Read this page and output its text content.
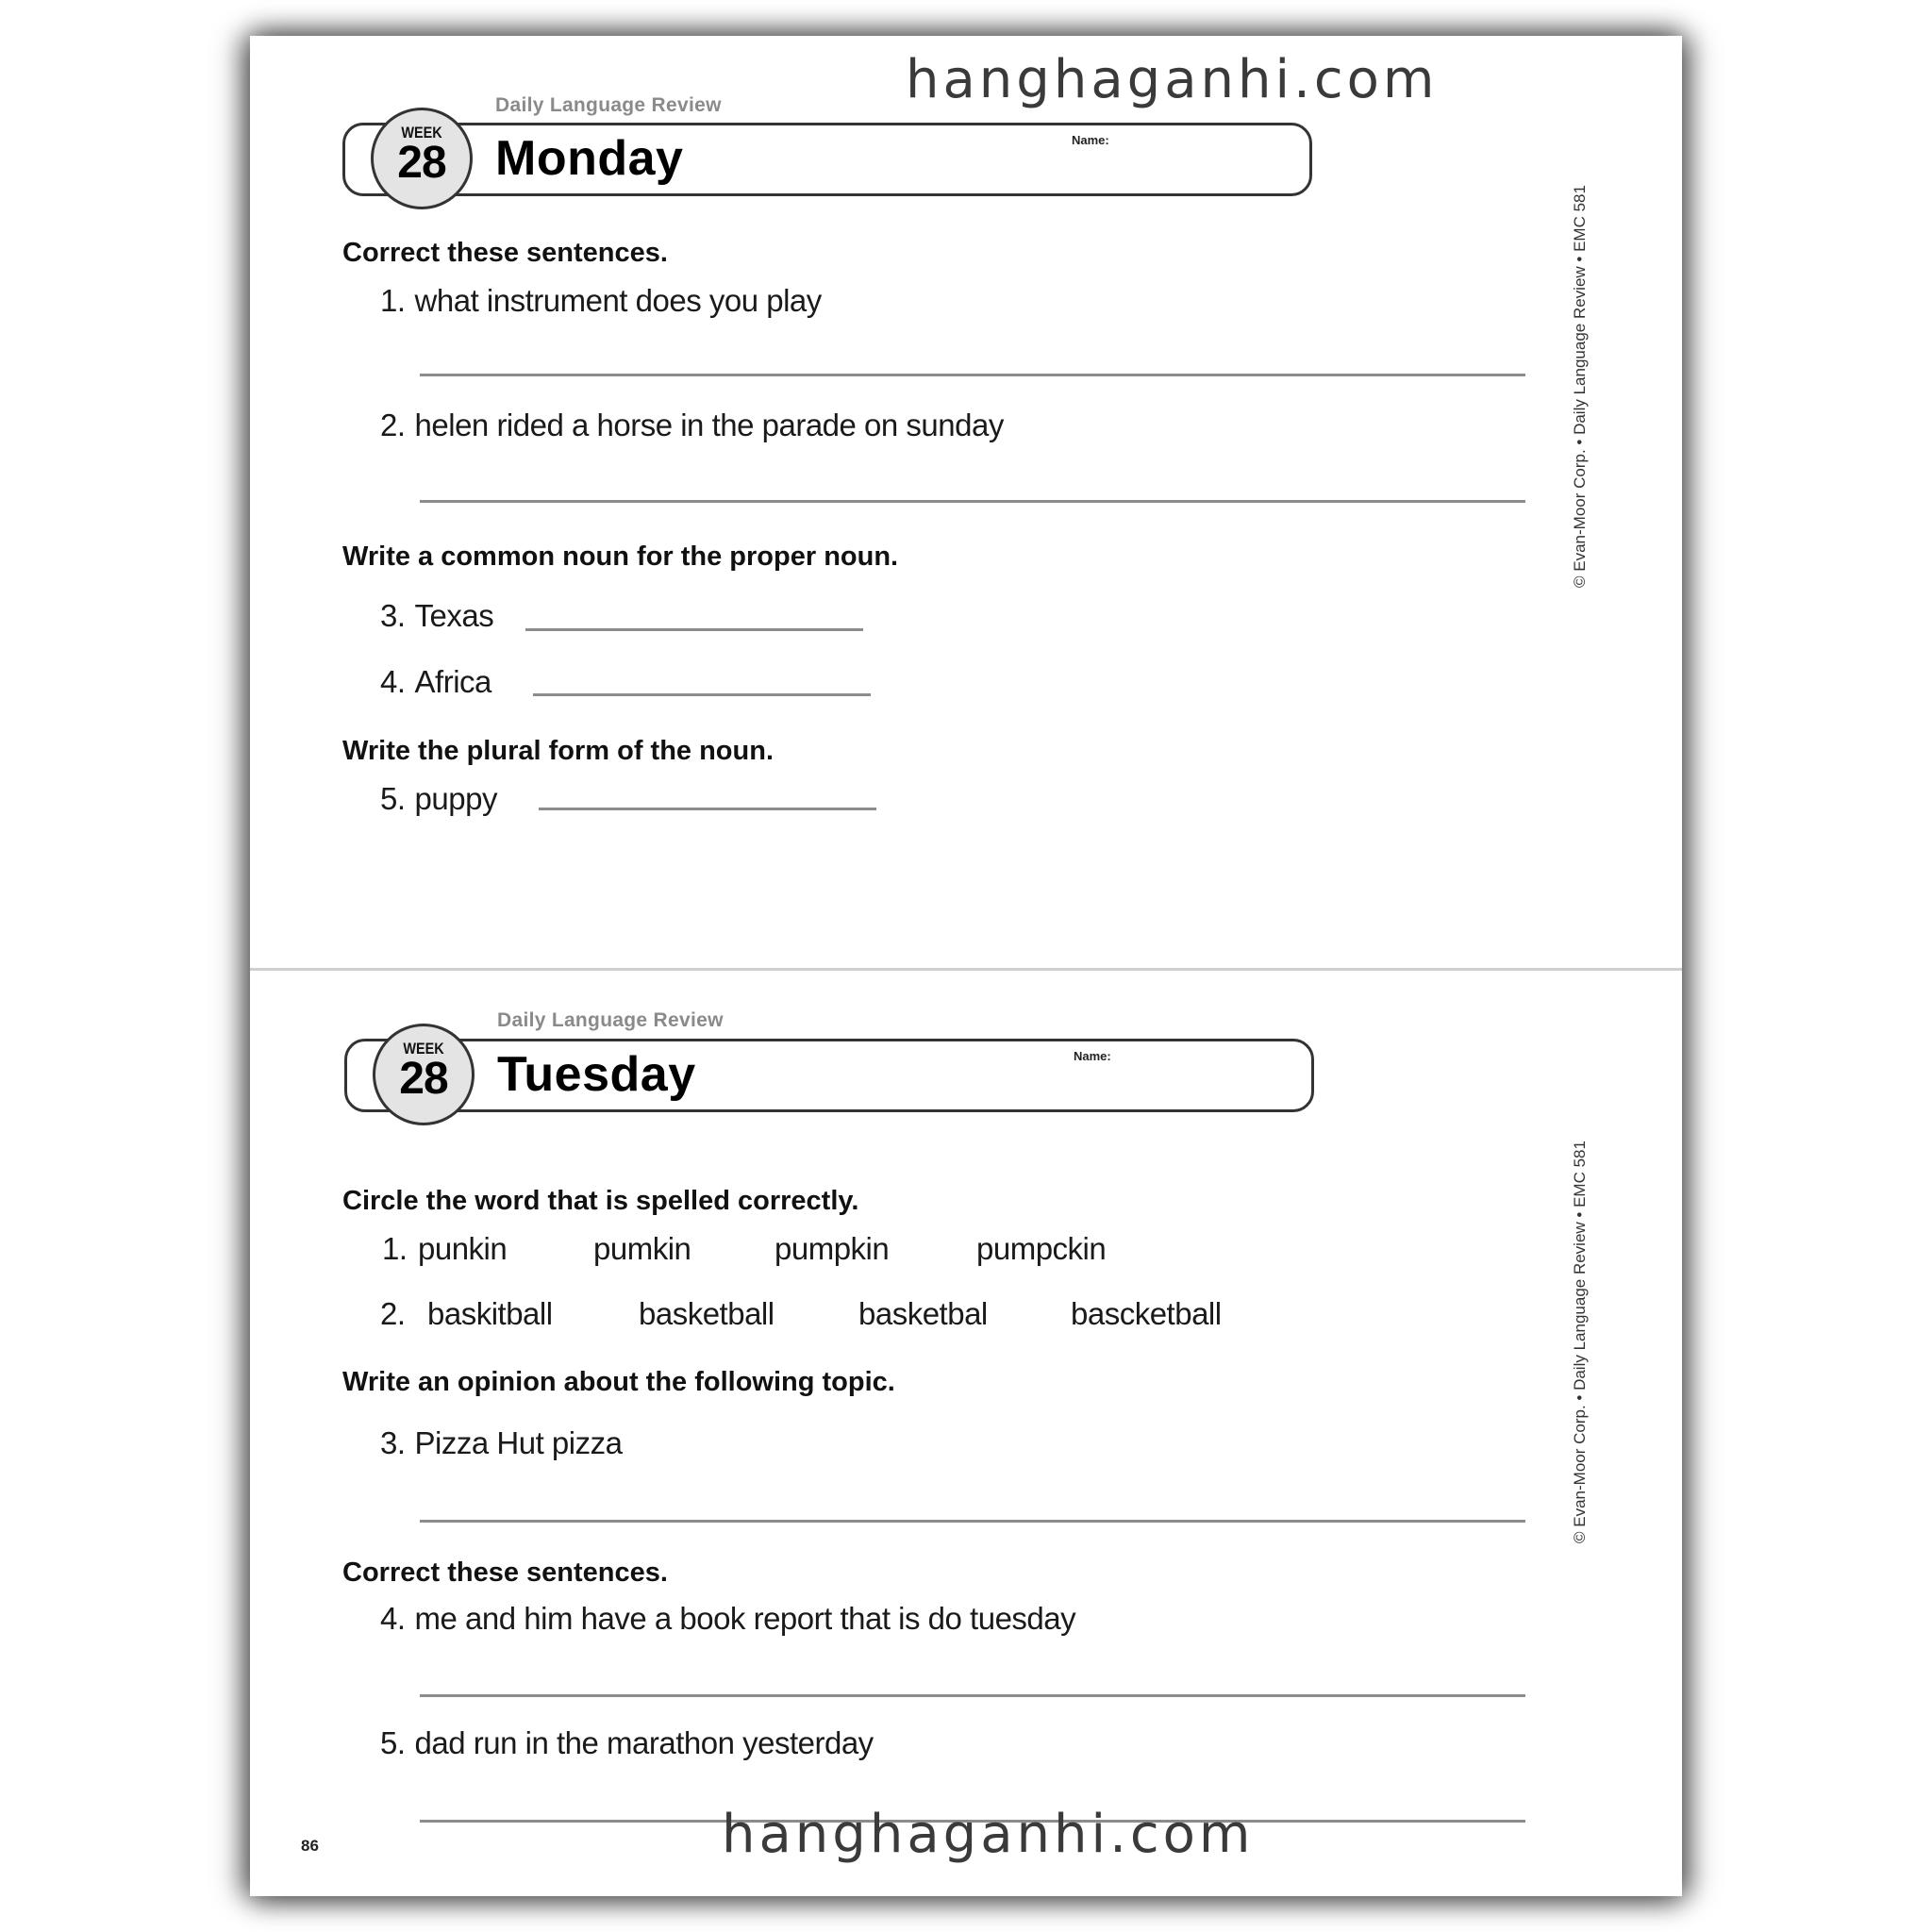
Daily Language Review
Name:
WEEK
28	Monday
© Evan-Moor Corp. • Daily Language Review • EMC 581
Correct these sentences.
1. what instrument does you play
2. helen rided a horse in the parade on sunday
Write a common noun for the proper noun.
3. Texas
4. Africa
Write the plural form of the noun.
5. puppy
Daily Language Review
Name:
WEEK
28	Tuesday
© Evan-Moor Corp. • Daily Language Review • EMC 581
Circle the word that is spelled correctly.
1. punkin	pumkin	pumpkin	pumpckin
2. baskitball	basketball	basketbal	bascketball
Write an opinion about the following topic.
3. Pizza Hut pizza
Correct these sentences.
4. me and him have a book report that is do tuesday
5. dad run in the marathon yesterday
86
hanghaganhi.com
hanghaganhi.com
